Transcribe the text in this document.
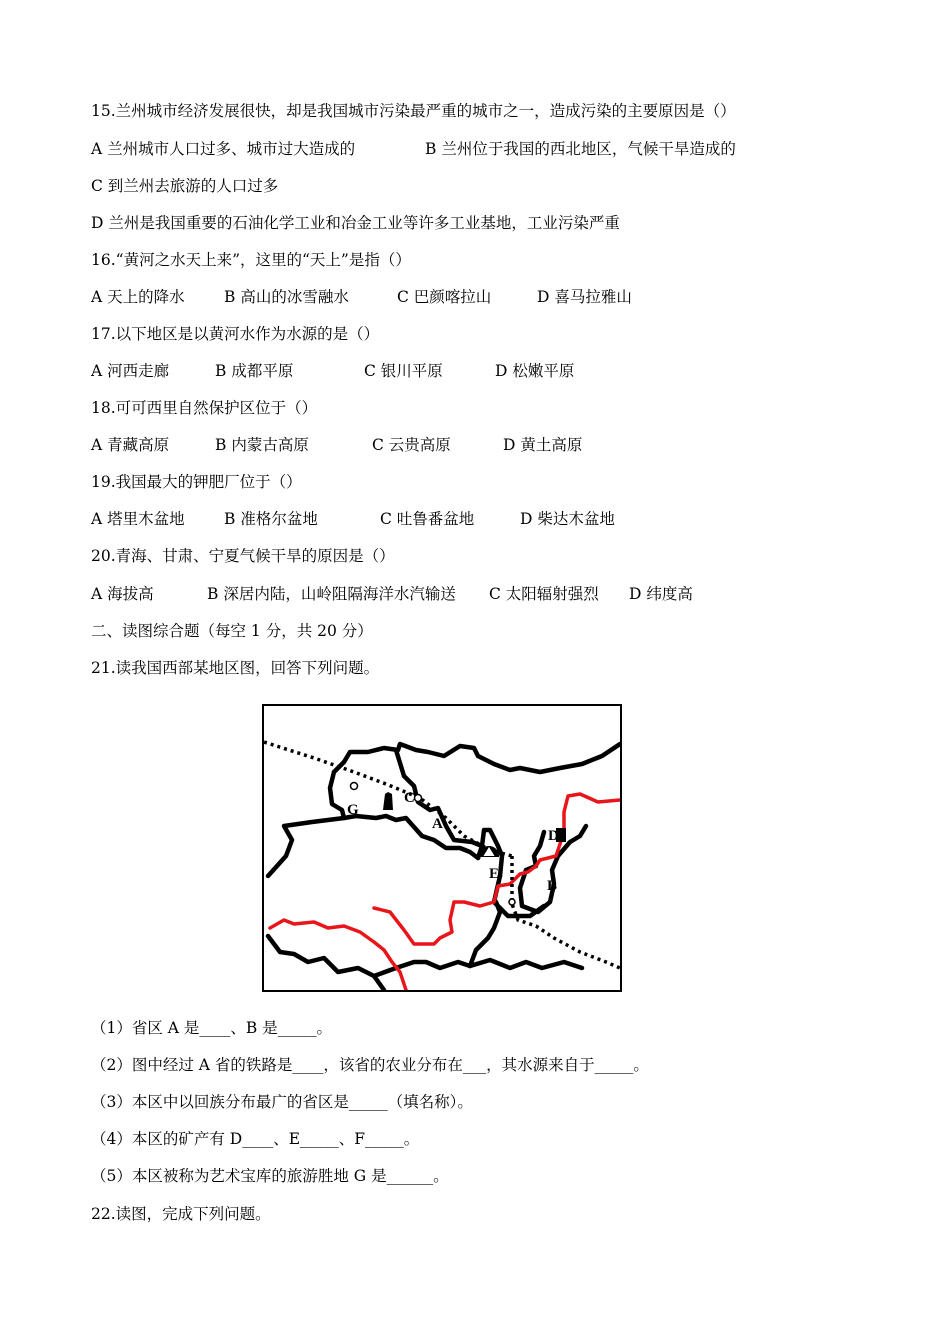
15.兰州城市经济发展很快，却是我国城市污染最严重的城市之一，造成污染的主要原因是（）
A 兰州城市人口过多、城市过大造成的	B 兰州位于我国的西北地区，气候干旱造成的
C 到兰州去旅游的人口过多
D 兰州是我国重要的石油化学工业和冶金工业等许多工业基地，工业污染严重
16.“黄河之水天上来”，这里的“天上”是指（）
A 天上的降水	B 高山的冰雪融水	C 巴颜喀拉山	D 喜马拉雅山
17.以下地区是以黄河水作为水源的是（）
A 河西走廊	B 成都平原	C 银川平原	D 松嫩平原
18.可可西里自然保护区位于（）
A 青藏高原	B 内蒙古高原	C 云贵高原	D 黄土高原
19.我国最大的钾肥厂位于（）
A 塔里木盆地	B 准格尔盆地	C 吐鲁番盆地	D 柴达木盆地
20.青海、甘肃、宁夏气候干旱的原因是（）
A 海拔高	B 深居内陆，山岭阻隔海洋水汽输送 C 太阳辐射强烈 D 纬度高
二、读图综合题（每空 1 分，共 20 分）
21.读我国西部某地区图，回答下列问题。
G
C
A
D
E
B
（1）省区 A 是____、B 是_____。
（2）图中经过 A 省的铁路是____，该省的农业分布在___，其水源来自于_____。
（3）本区中以回族分布最广的省区是_____（填名称）。
（4）本区的矿产有 D____、E_____、F_____。
（5）本区被称为艺术宝库的旅游胜地 G 是______。
22.读图，完成下列问题。
